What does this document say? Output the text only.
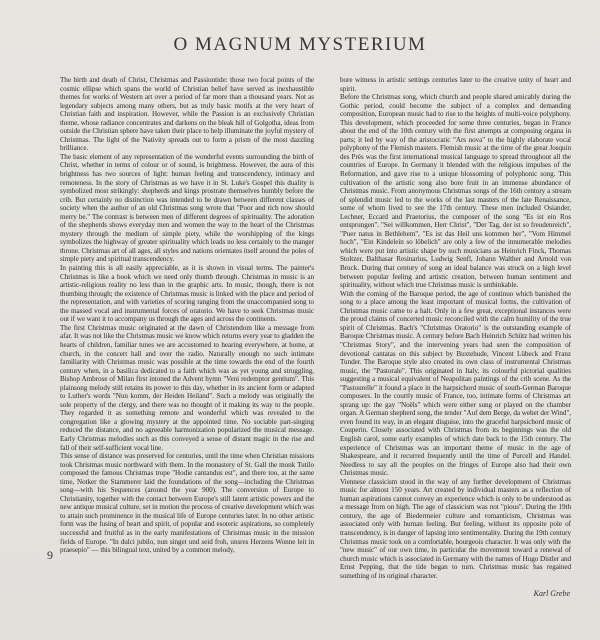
O MAGNUM MYSTERIUM

The birth and death of Christ, Christmas and Passiontide: those two focal points of the cosmic ellipse which spans the world of Christian belief have served as inexhaustible themes for works of Western art over a period of far more than a thousand years. Not as legendary subjects among many others, but as truly basic motifs at the very heart of Christian faith and inspiration. However, while the Passion is an exclusively Christian theme, whose radiance concentrates and darkens on the bleak hill of Golgotha, ideas from outside the Christian sphere have taken their place to help illuminate the joyful mystery of Christmas. The light of the Nativity spreads out to form a prism of the most dazzling brilliance.

The basic element of any representation of the wonderful events surrounding the birth of Christ, whether in terms of colour or of sound, is brightness. However, the aura of this brightness has two sources of light: human feeling and transcendency, intimacy and remoteness. In the story of Christmas as we have it in St. Luke's Gospel this duality is symbolized most strikingly: shepherds and kings prostrate themselves humbly before the crib. But certainly no distinction was intended to be drawn between different classes of society when the author of an old Christmas song wrote that "Poor and rich now should merry be." The contrast is between men of different degrees of spirituality. The adoration of the shepherds shows everyday men and women the way to the heart of the Christmas mystery through the medium of simple piety, while the worshipping of the kings symbolizes the highway of greater spirituality which leads no less certainly to the manger throne. Christmas art of all ages, all styles and nations orientates itself around the poles of simple piety and spiritual transcendency.

In painting this is all easily appreciable, as it is shown in visual terms. The painter's Christmas is like a book which we need only thumb through. Christmas in music is an artistic-religious reality no less than in the graphic arts. In music, though, there is not thumbing through; the existence of Christmas music is linked with the place and period of the representation, and with varieties of scoring ranging from the unaccompanied song to the massed vocal and instrumental forces of oratorio. We have to seek Christmas music out if we want it to accompany us through the ages and across the continents.

The first Christmas music originated at the dawn of Christendom like a message from afar. It was not like the Christmas music we know which returns every year to gladden the hearts of children, familiar tunes we are accustomed to hearing everywhere, at home, at church, in the concert hall and over the radio. Naturally enough no such intimate familiarity with Christmas music was possible at the time towards the end of the fourth century when, in a basilica dedicated to a faith which was as yet young and struggling, Bishop Ambrose of Milan first intoned the Advent hymn "Veni redemptor gentium". This plainsong melody still retains its power to this day, whether in its ancient form or adapted to Luther's words "Nun komm, der Heiden Heiland". Such a melody was originally the sole property of the clergy, and there was no thought of it making its way to the people. They regarded it as something remote and wonderful which was revealed to the congregation like a glowing mystery at the appointed time. No sociable part-singing reduced the distance, and no agreeable harmonization popularized the musical message. Early Christmas melodies such as this conveyed a sense of distant magic in the rise and fall of their self-sufficient vocal line.

This sense of distance was preserved for centuries, until the time when Christian missions took Christmas music northward with them. In the monastery of St. Gall the monk Tutilo composed the famous Christmas trope "Hodie cantandus est", and there too, at the same time, Notker the Stammerer laid the foundations of the song—including the Christmas song—with his Sequences (around the year 900). The conversion of Europe to Christianity, together with the contact between Europe's still latent artistic powers and the new antique musical culture, set in motion the process of creative development which was to attain such prominence in the musical life of Europe centuries later. In no other artistic form was the fusing of heart and spirit, of popular and esoteric aspirations, so completely successful and fruitful as in the early manifestations of Christmas music in the mission fields of Europe. "In dulci jubilo, nun singet und seid froh, unsres Herzens Wonne leit in praesepio" — this bilingual text, united by a common melody,

bore witness in artistic settings centuries later to the creative unity of heart and spirit.

Before the Christmas song, which church and people shared amicably during the Gothic period, could become the subject of a complex and demanding composition, European music had to rise to the heights of multi-voice polyphony. This development, which proceeded for some three centuries, began in France about the end of the 10th century with the first attempts at composing organa in parts; it led by way of the aristocratic "Ars nova" to the highly elaborate vocal polyphony of the Flemish masters. Flemish music at the time of the great Josquin des Prés was the first international musical language to spread throughout all the countries of Europe. In Germany it blended with the religious impulses of the Reformation, and gave rise to a unique blossoming of polyphonic song. This cultivation of the artistic song also bore fruit in an immense abundance of Christmas music. From anonymous Christmas songs of the 16th century a stream of splendid music led to the works of the last masters of the late Renaissance, some of whom lived to see the 17th century. These men included Osiander, Lechner, Eccard and Praetorius, the composer of the song "Es ist ein Ros entsprungen". "Sei willkommen, Herr Christ", "Der Tag, der ist so freudenreich", "Puer natus in Bethlehem", "Es ist das Heil uns kommen her", "Vom Himmel hoch", "Ein Kindelein so löbelich" are only a few of the innumerable melodies which were put into artistic shape by such musicians as Heinrich Finck, Thomas Stoltzer, Balthasar Resinarius, Ludwig Senfl, Johann Walther and Arnold von Bruck. During that century of song an ideal balance was struck on a high level between popular feeling and artistic creation, between human sentiment and spirituality, without which true Christmas music is unthinkable.

With the coming of the Baroque period, the age of continuo which banished the song to a place among the least important of musical forms, the cultivation of Christmas music came to a halt. Only in a few great, exceptional instances were the proud claims of concerted music reconciled with the calm humility of the true spirit of Christmas. Bach's "Christmas Oratorio" is the outstanding example of Baroque Christmas music. A century before Bach Heinrich Schütz had written his "Christmas Story", and the intervening years had seen the composition of devotional cantatas on this subject by Buxtehude, Vincent Lübeck and Franz Tunder. The Baroque style also created its own class of instrumental Christmas music, the "Pastorale". This originated in Italy, its colourful pictorial qualities suggesting a musical equivalent of Neapolitan paintings of the crib scene. As the "Pastourelle" it found a place in the harpsichord music of south-German Baroque composers. In the courtly music of France, too, intimate forms of Christmas art sprang up: the gay "Noëls" which were either sung or played on the chamber organ. A German shepherd song, the tender "Auf dem Berge, da wehet der Wind", even found its way, in an elegant disguise, into the graceful harpsichord music of Couperin. Closely associated with Christmas from its beginnings was the old English carol, some early examples of which date back to the 15th century. The experience of Christmas was an important theme of music in the age of Shakespeare, and it recurred frequently until the time of Purcell and Handel. Needless to say all the peoples on the fringes of Europe also had their own Christmas music.

Viennese classicism stood in the way of any further development of Christmas music for almost 150 years. Art created by individual masters as a reflection of human aspirations cannot convey an experience which is only to be understood as a message from on high. The age of classicism was not "pious". During the 19th century, the age of Biedermeier culture and romanticism, Christmas was associated only with human feeling. But feeling, without its opposite pole of transcendency, is in danger of lapsing into sentimentality. During the 19th century Christmas music took on a comfortable, bourgeois character. It was only with the "new music" of our own time, in particular the movement toward a renewal of church music which is associated in Germany with the names of Hugo Distler and Ernst Pepping, that the tide began to turn. Christmas music has regained something of its original character.

9
Karl Grebe
